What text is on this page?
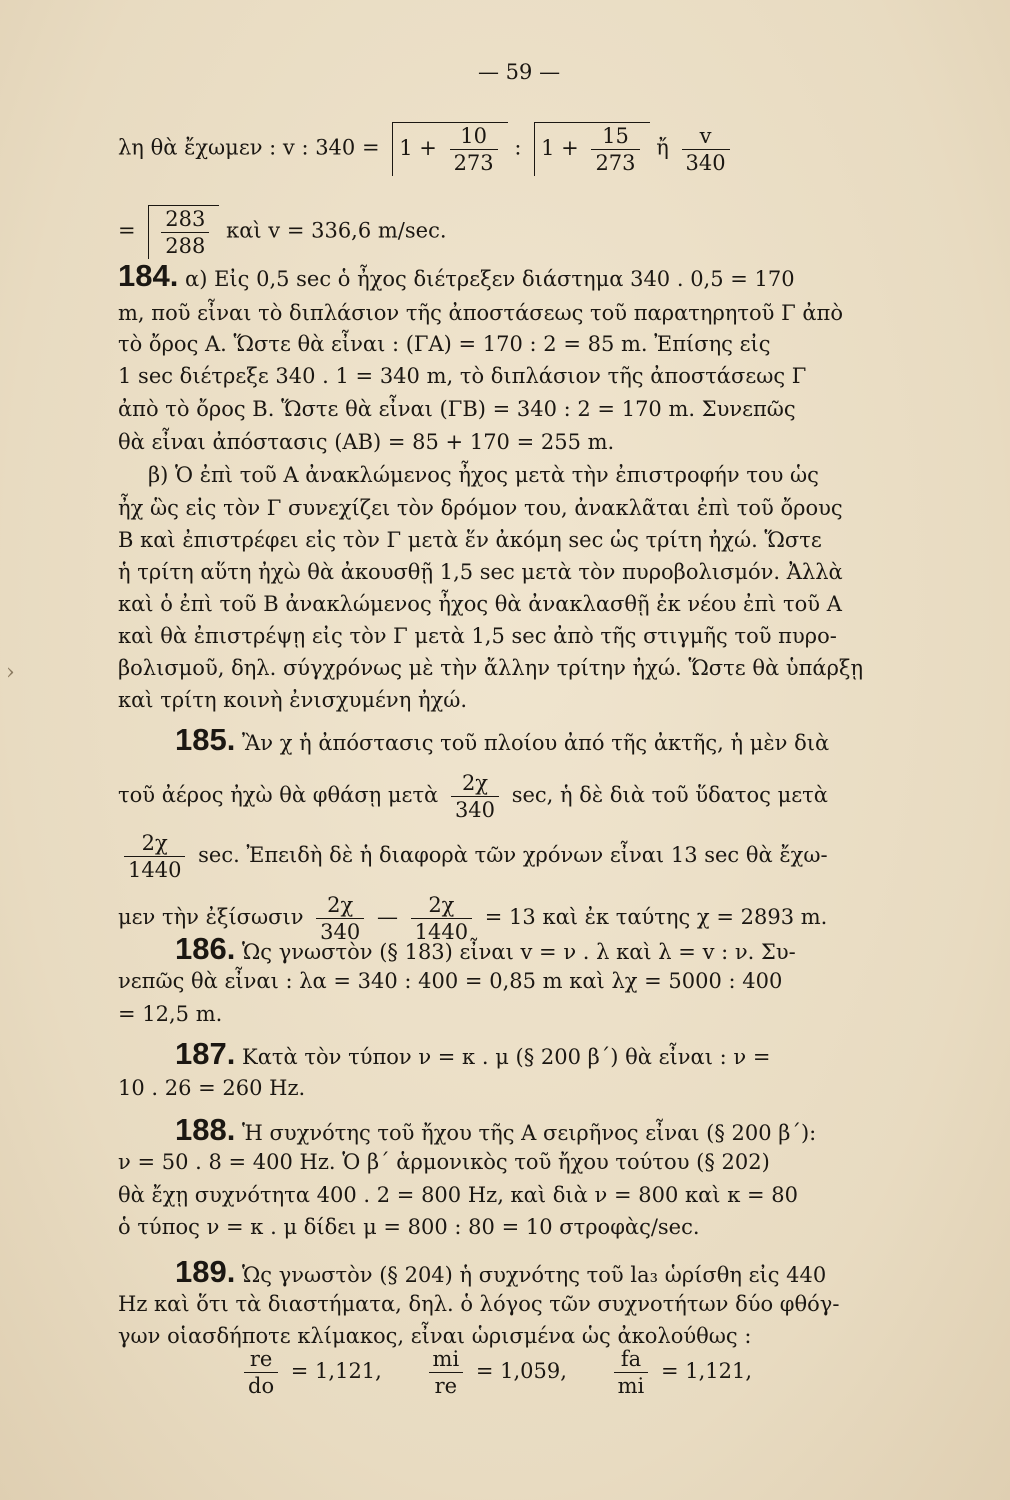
— 59 —
λη θὰ ἔχωμεν : v : $340 = 1 + \frac{10}{273}$ : $1 + \frac{15}{273}$ ἤ $\frac{v}{340}$
= $\frac{283}{288}$ καὶ v = 336,6 m/sec.
184. α) Εἰς 0,5 sec ὁ ἦχος διέτρεξεν διάστημα 340 . 0,5 = 170
m, ποῦ εἶναι τὸ διπλάσιον τῆς ἀποστάσεως τοῦ παρατηρητοῦ Γ ἀπὸ
τὸ ὄρος Α. Ὥστε θὰ εἶναι : (ΓΑ) = 170 : 2 = 85 m. Ἐπίσης εἰς
1 sec διέτρεξε 340 . 1 = 340 m, τὸ διπλάσιον τῆς ἀποστάσεως Γ
ἀπὸ τὸ ὄρος Β. Ὥστε θὰ εἶναι (ΓΒ) = 340 : 2 = 170 m. Συνεπῶς
θὰ εἶναι ἀπόστασις (ΑΒ) = 85 + 170 = 255 m.
β) Ὁ ἐπὶ τοῦ Α ἀνακλώμενος ἦχος μετὰ τὴν ἐπιστροφήν του ὡς
ἦχ ὣς εἰς τὸν Γ συνεχίζει τὸν δρόμον του, ἀνακλᾶται ἐπὶ τοῦ ὄρους
Β καὶ ἐπιστρέφει εἰς τὸν Γ μετὰ ἕν ἀκόμη sec ὡς τρίτη ἠχώ. Ὥστε
ἡ τρίτη αὕτη ἠχὼ θὰ ἀκουσθῇ 1,5 sec μετὰ τὸν πυροβολισμόν. Ἀλλὰ
καὶ ὁ ἐπὶ τοῦ Β ἀνακλώμενος ἦχος θὰ ἀνακλασθῇ ἐκ νέου ἐπὶ τοῦ Α
καὶ θὰ ἐπιστρέψῃ εἰς τὸν Γ μετὰ 1,5 sec ἀπὸ τῆς στιγμῆς τοῦ πυρο-
βολισμοῦ, δηλ. σύγχρόνως μὲ τὴν ἄλλην τρίτην ἠχώ. Ὥστε θὰ ὑπάρξῃ
καὶ τρίτη κοινὴ ἐνισχυμένη ἠχώ.
›
185. Ἂν χ ἡ ἀπόστασις τοῦ πλοίου ἀπό τῆς ἀκτῆς, ἡ μὲν διὰ
τοῦ ἀέρος ἠχὼ θὰ φθάσῃ μετὰ $\frac{2\chi}{340} \sec$, ἡ δὲ διὰ τοῦ ὕδατος μετὰ
$\frac{2\chi}{1440} \sec$. Ἐπειδὴ δὲ ἡ διαφορὰ τῶν χρόνων εἶναι 13 sec θὰ ἔχω-
μεν τὴν ἐξίσωσιν $\frac{2\chi}{340}$ — $\frac{2\chi}{1440} = 13$ καὶ ἐκ ταύτης χ = 2893 m.
186. Ὡς γνωστὸν (§ 183) εἶναι v = ν . λ καὶ λ = v : ν. Συ-
νεπῶς θὰ εἶναι : λα = 340 : 400 = 0,85 m καὶ λχ = 5000 : 400
= 12,5 m.
187. Κατὰ τὸν τύπον ν = κ . μ (§ 200 β΄) θὰ εἶναι : ν =
10 . 26 = 260 Hz.
188. Ἡ συχνότης τοῦ ἤχου τῆς Α σειρῆνος εἶναι (§ 200 β΄):
ν = 50 . 8 = 400 Hz. Ὁ β΄ ἁρμονικὸς τοῦ ἤχου τούτου (§ 202)
θὰ ἔχῃ συχνότητα 400 . 2 = 800 Hz, καὶ διὰ ν = 800 καὶ κ = 80
ὁ τύπος ν = κ . μ δίδει μ = 800 : 80 = 10 στροφὰς/sec.
189. Ὡς γνωστὸν (§ 204) ἡ συχνότης τοῦ la₃ ὡρίσθη εἰς 440
Hz καὶ ὅτι τὰ διαστήματα, δηλ. ὁ λόγος τῶν συχνοτήτων δύο φθόγ-
γων οἱασδήποτε κλίμακος, εἶναι ὡρισμένα ὡς ἀκολούθως :
$\frac{re}{do} = 1,121$, $\frac{mi}{re} = 1,059$, $\frac{fa}{mi} = 1,121$,
